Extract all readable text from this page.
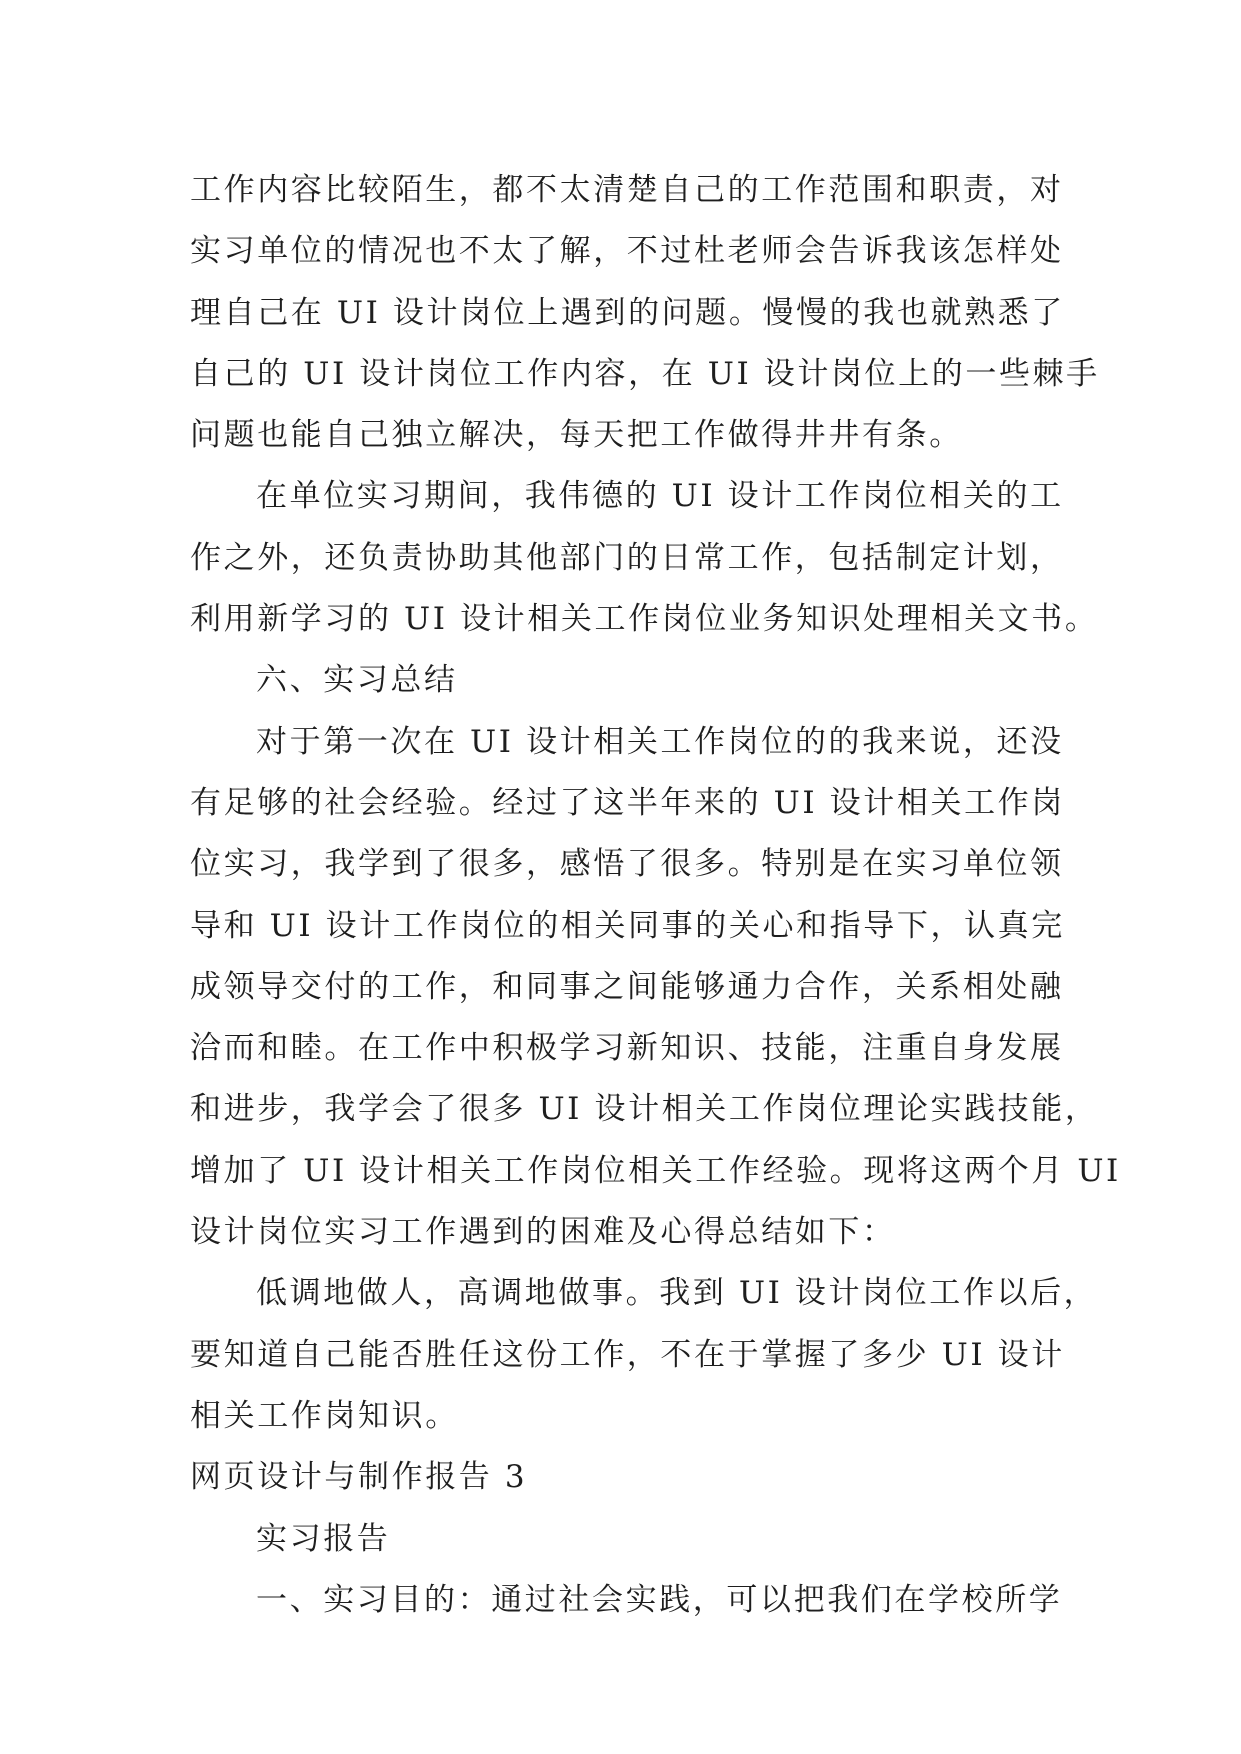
工作内容比较陌生，都不太清楚自己的工作范围和职责，对
实习单位的情况也不太了解，不过杜老师会告诉我该怎样处
理自己在 UI 设计岗位上遇到的问题。慢慢的我也就熟悉了
自己的 UI 设计岗位工作内容，在 UI 设计岗位上的一些棘手
问题也能自己独立解决，每天把工作做得井井有条。
在单位实习期间，我伟德的 UI 设计工作岗位相关的工
作之外，还负责协助其他部门的日常工作，包括制定计划，
利用新学习的 UI 设计相关工作岗位业务知识处理相关文书。
六、实习总结
对于第一次在 UI 设计相关工作岗位的的我来说，还没
有足够的社会经验。经过了这半年来的 UI 设计相关工作岗
位实习，我学到了很多，感悟了很多。特别是在实习单位领
导和 UI 设计工作岗位的相关同事的关心和指导下，认真完
成领导交付的工作，和同事之间能够通力合作，关系相处融
洽而和睦。在工作中积极学习新知识、技能，注重自身发展
和进步，我学会了很多 UI 设计相关工作岗位理论实践技能，
增加了 UI 设计相关工作岗位相关工作经验。现将这两个月 UI
设计岗位实习工作遇到的困难及心得总结如下：
低调地做人，高调地做事。我到 UI 设计岗位工作以后，
要知道自己能否胜任这份工作，不在于掌握了多少 UI 设计
相关工作岗知识。
网页设计与制作报告 3
实习报告
一、实习目的：通过社会实践，可以把我们在学校所学
